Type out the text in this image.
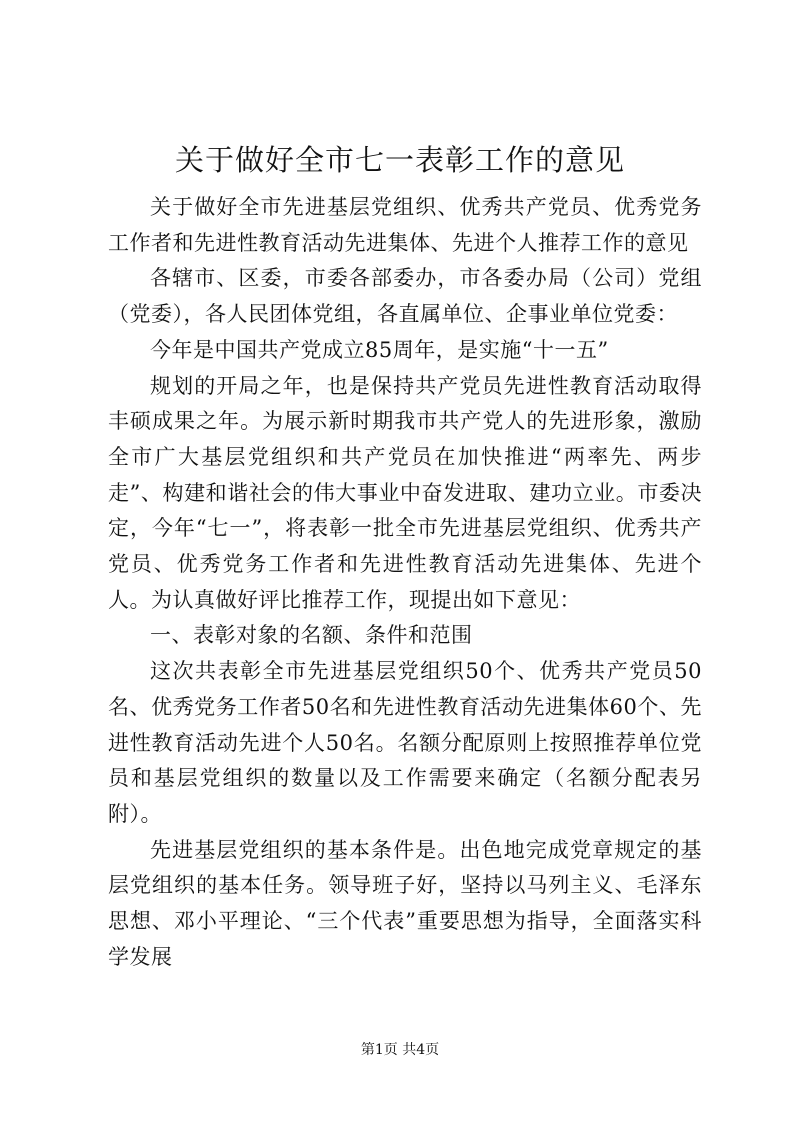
关于做好全市七一表彰工作的意见

关于做好全市先进基层党组织、优秀共产党员、优秀党务工作者和先进性教育活动先进集体、先进个人推荐工作的意见

各辖市、区委，市委各部委办，市各委办局（公司）党组（党委），各人民团体党组，各直属单位、企事业单位党委：

今年是中国共产党成立85周年，是实施“十一五”

规划的开局之年，也是保持共产党员先进性教育活动取得丰硕成果之年。为展示新时期我市共产党人的先进形象，激励全市广大基层党组织和共产党员在加快推进“两率先、两步走”、构建和谐社会的伟大事业中奋发进取、建功立业。市委决定，今年“七一”，将表彰一批全市先进基层党组织、优秀共产党员、优秀党务工作者和先进性教育活动先进集体、先进个人。为认真做好评比推荐工作，现提出如下意见：

一、表彰对象的名额、条件和范围

这次共表彰全市先进基层党组织50个、优秀共产党员50名、优秀党务工作者50名和先进性教育活动先进集体60个、先进性教育活动先进个人50名。名额分配原则上按照推荐单位党员和基层党组织的数量以及工作需要来确定（名额分配表另附）。

先进基层党组织的基本条件是。出色地完成党章规定的基层党组织的基本任务。领导班子好，坚持以马列主义、毛泽东思想、邓小平理论、“三个代表”重要思想为指导，全面落实科学发展

第1页 共4页
